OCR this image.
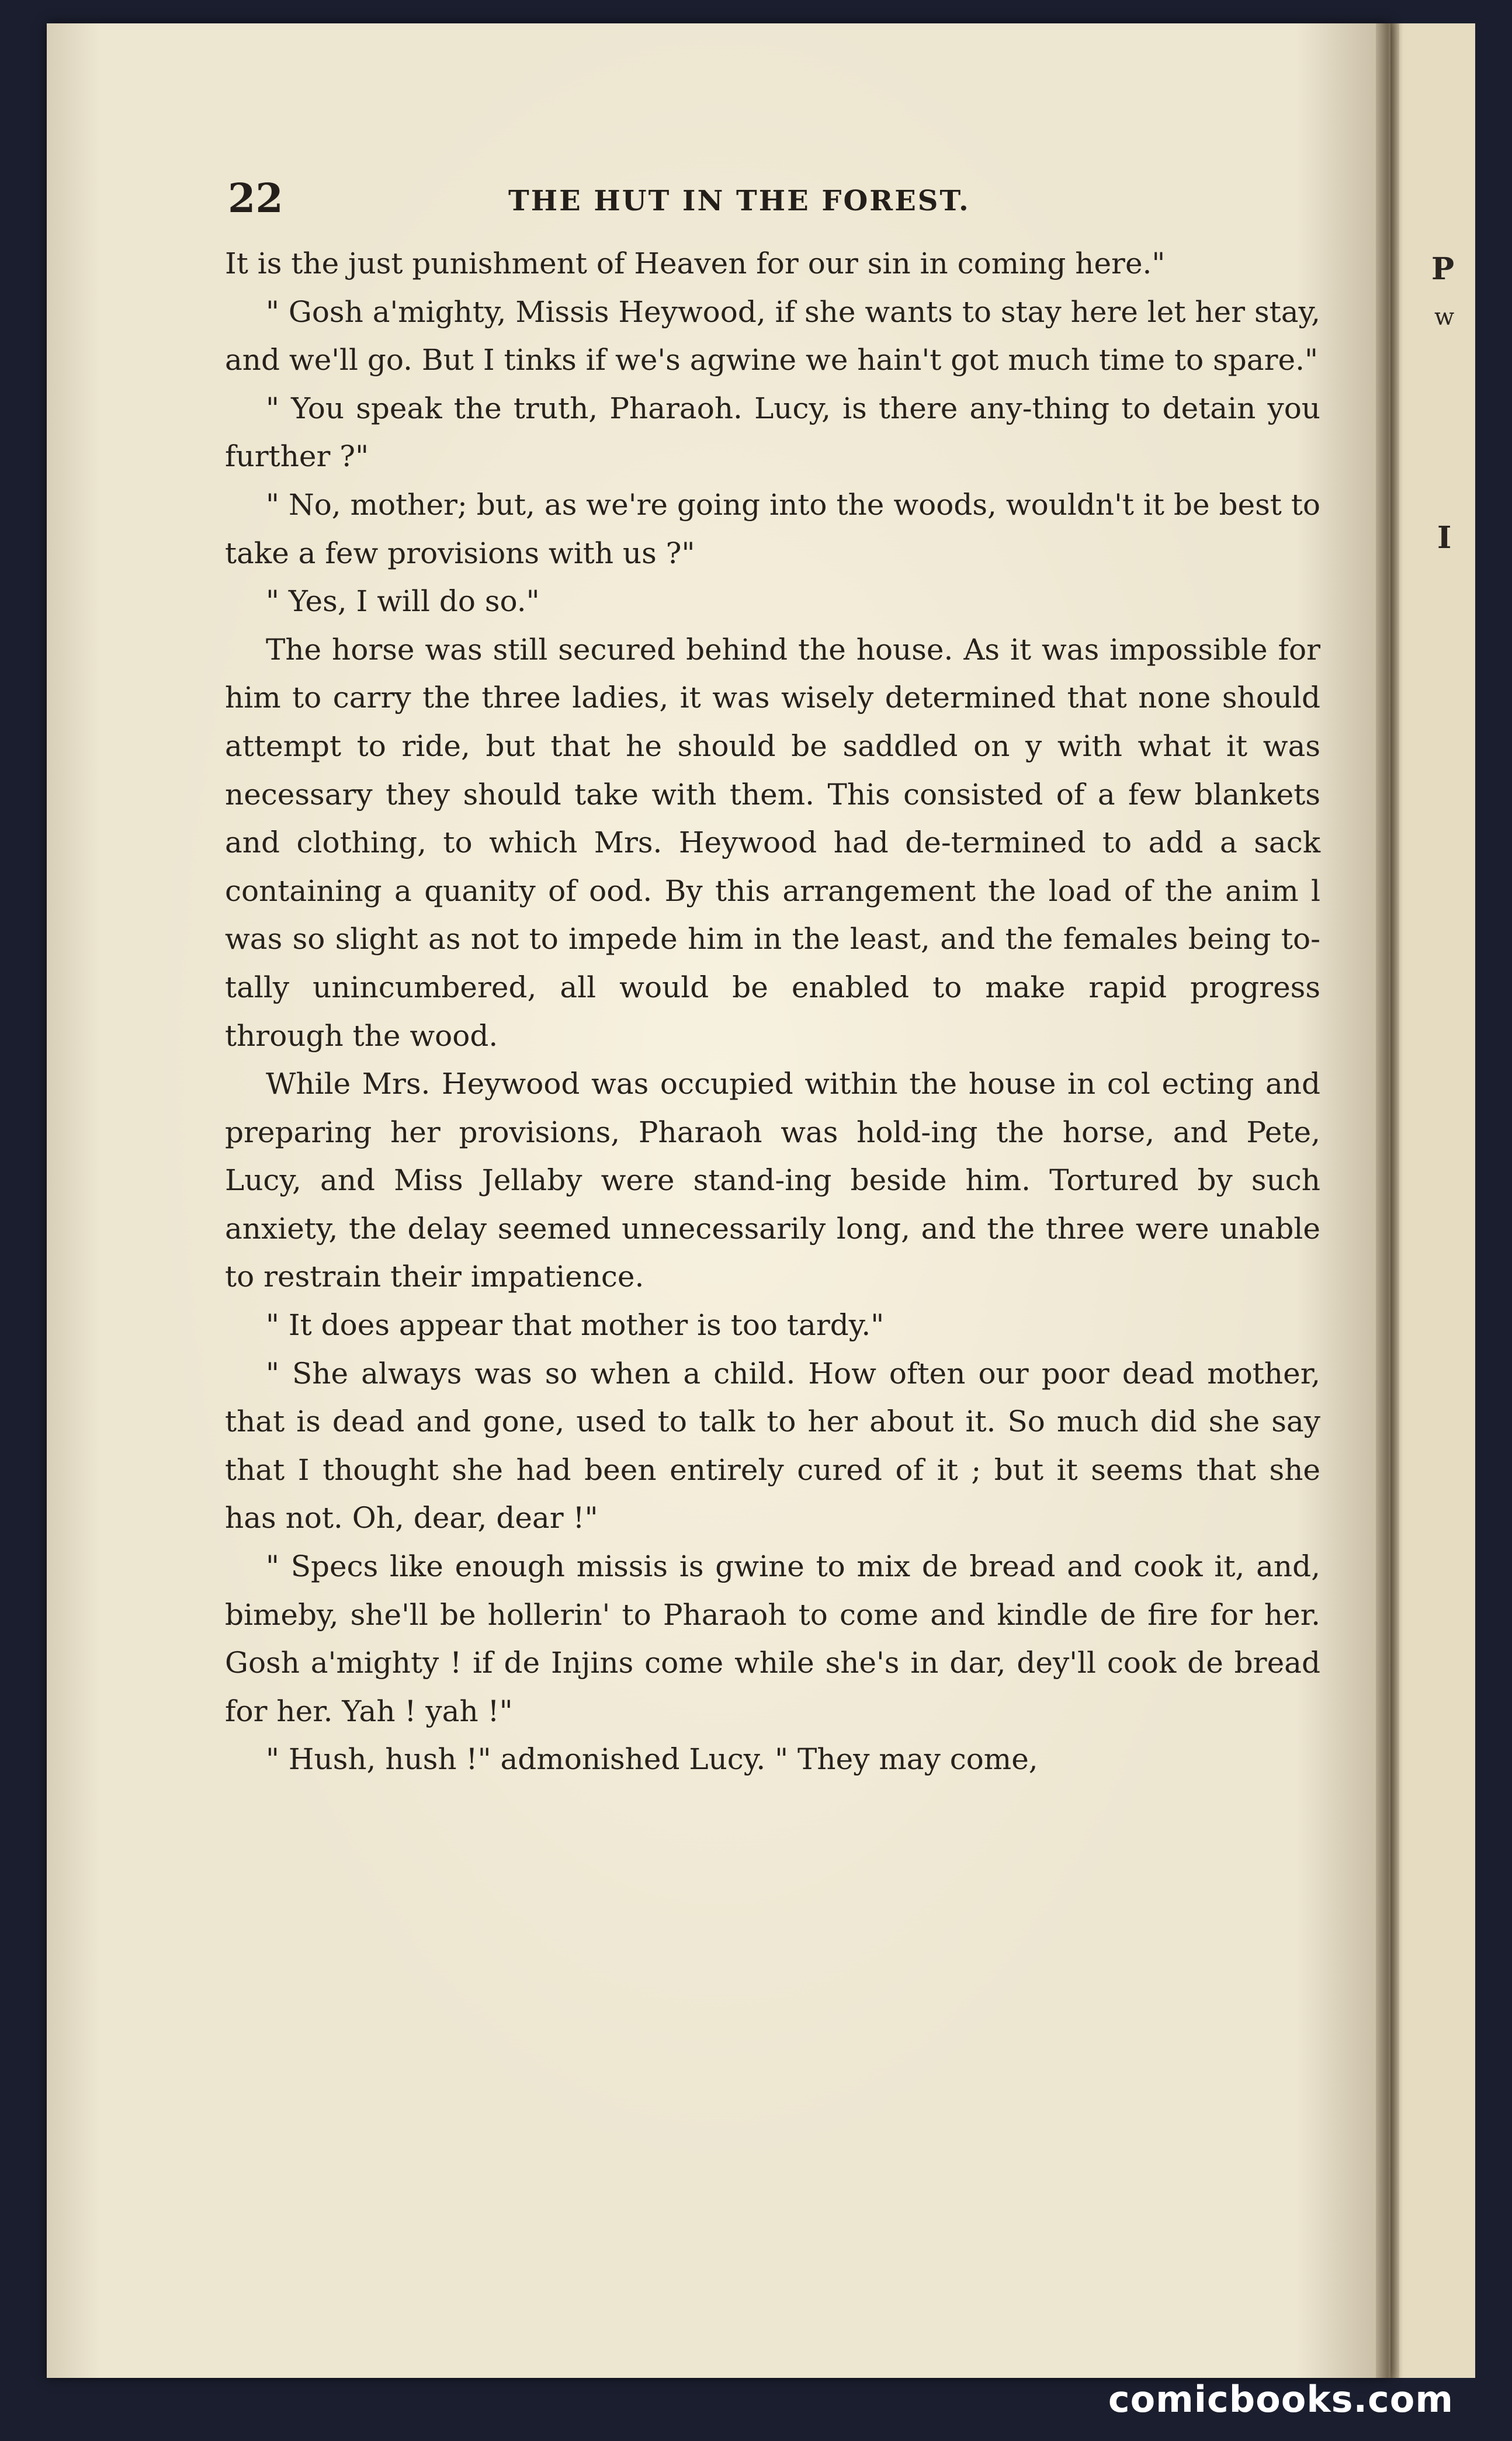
P
w
I
22	THE HUT IN THE FOREST.

It is the just punishment of Heaven for our sin in coming here."

" Gosh a'mighty, Missis Heywood, if she wants to stay here let her stay, and we'll go. But I tinks if we's agwine we hain't got much time to spare."

" You speak the truth, Pharaoh. Lucy, is there any-thing to detain you further ?"

" No, mother; but, as we're going into the woods, wouldn't it be best to take a few provisions with us ?"

" Yes, I will do so."

The horse was still secured behind the house. As it was impossible for him to carry the three ladies, it was wisely determined that none should attempt to ride, but that he should be saddled on y with what it was necessary they should take with them. This consisted of a few blankets and clothing, to which Mrs. Heywood had de-termined to add a sack containing a quanity of ood. By this arrangement the load of the anim l was so slight as not to impede him in the least, and the females being to-tally unincumbered, all would be enabled to make rapid progress through the wood.

While Mrs. Heywood was occupied within the house in col ecting and preparing her provisions, Pharaoh was hold-ing the horse, and Pete, Lucy, and Miss Jellaby were stand-ing beside him. Tortured by such anxiety, the delay seemed unnecessarily long, and the three were unable to restrain their impatience.

" It does appear that mother is too tardy."

" She always was so when a child. How often our poor dead mother, that is dead and gone, used to talk to her about it. So much did she say that I thought she had been entirely cured of it ; but it seems that she has not. Oh, dear, dear !"

" Specs like enough missis is gwine to mix de bread and cook it, and, bimeby, she'll be hollerin' to Pharaoh to come and kindle de fire for her. Gosh a'mighty ! if de Injins come while she's in dar, dey'll cook de bread for her. Yah ! yah !"

" Hush, hush !" admonished Lucy. " They may come,

comicbooks.com
